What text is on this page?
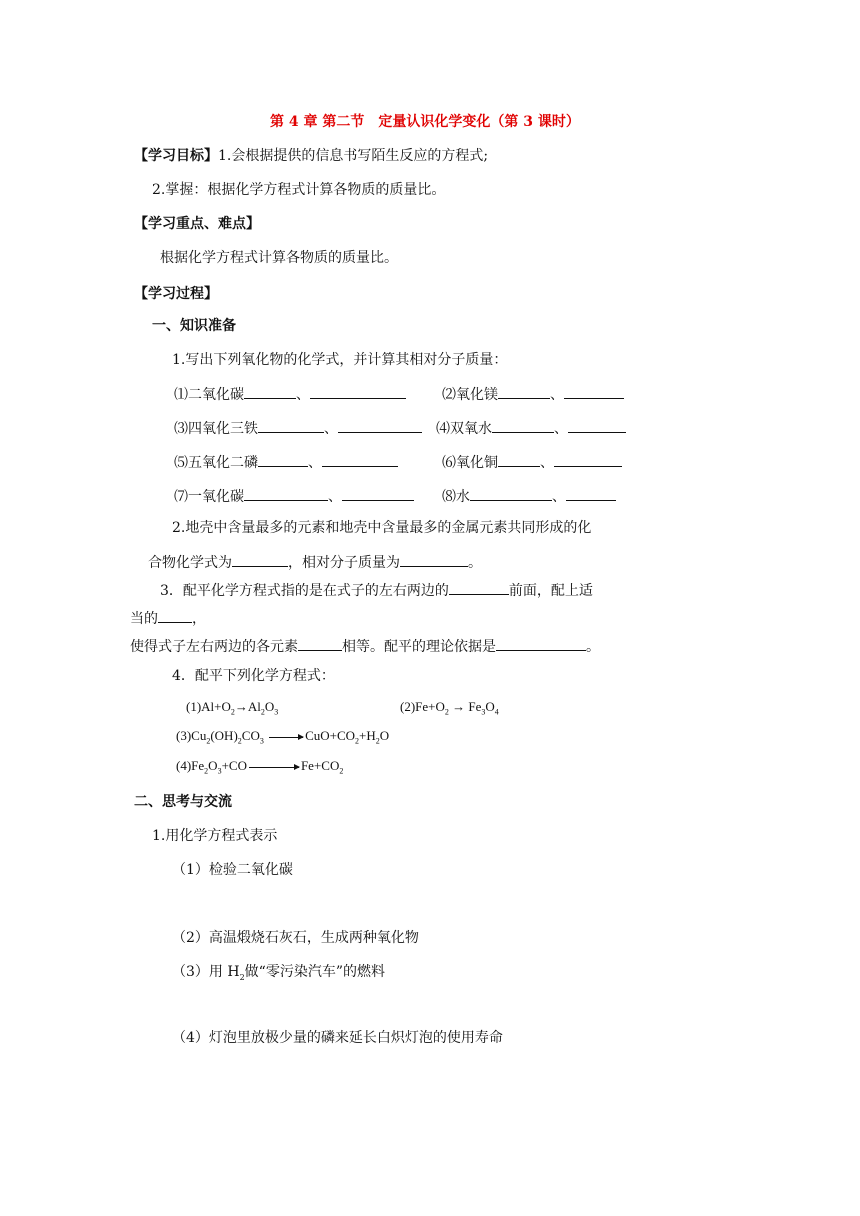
第 4 章 第二节　定量认识化学变化（第 3 课时）
【学习目标】1.会根据提供的信息书写陌生反应的方程式;
2.掌握：根据化学方程式计算各物质的质量比。
【学习重点、难点】
根据化学方程式计算各物质的质量比。
【学习过程】
一、知识准备
1.写出下列氧化物的化学式，并计算其相对分子质量：
⑴二氧化碳	、	⑵氧化镁	、
⑶四氧化三铁	、	⑷双氧水	、
⑸五氧化二磷	、	⑹氧化铜	、
⑺一氧化碳	、	⑻水	、
2.地壳中含量最多的元素和地壳中含量最多的金属元素共同形成的化
合物化学式为	，相对分子质量为	。
3．配平化学方程式指的是在式子的左右两边的	前面，配上适
当的 ，
使得式子左右两边的各元素	相等。配平的理论依据是	。
4．配平下列化学方程式：
$(1)Al+O_2\to Al_2O_3$	$(2)Fe+O_2 \to Fe_3O_4$
$(3)Cu_2(OH)_2CO_3$	$CuO+CO_2+H_2O$
$(4)Fe_2O_3+CO$	$Fe+CO_2$
二、思考与交流
1.用化学方程式表示
（1）检验二氧化碳
（2）高温煅烧石灰石，生成两种氧化物
（3）用 $H_2$做“零污染汽车”的燃料
（4）灯泡里放极少量的磷来延长白炽灯泡的使用寿命
